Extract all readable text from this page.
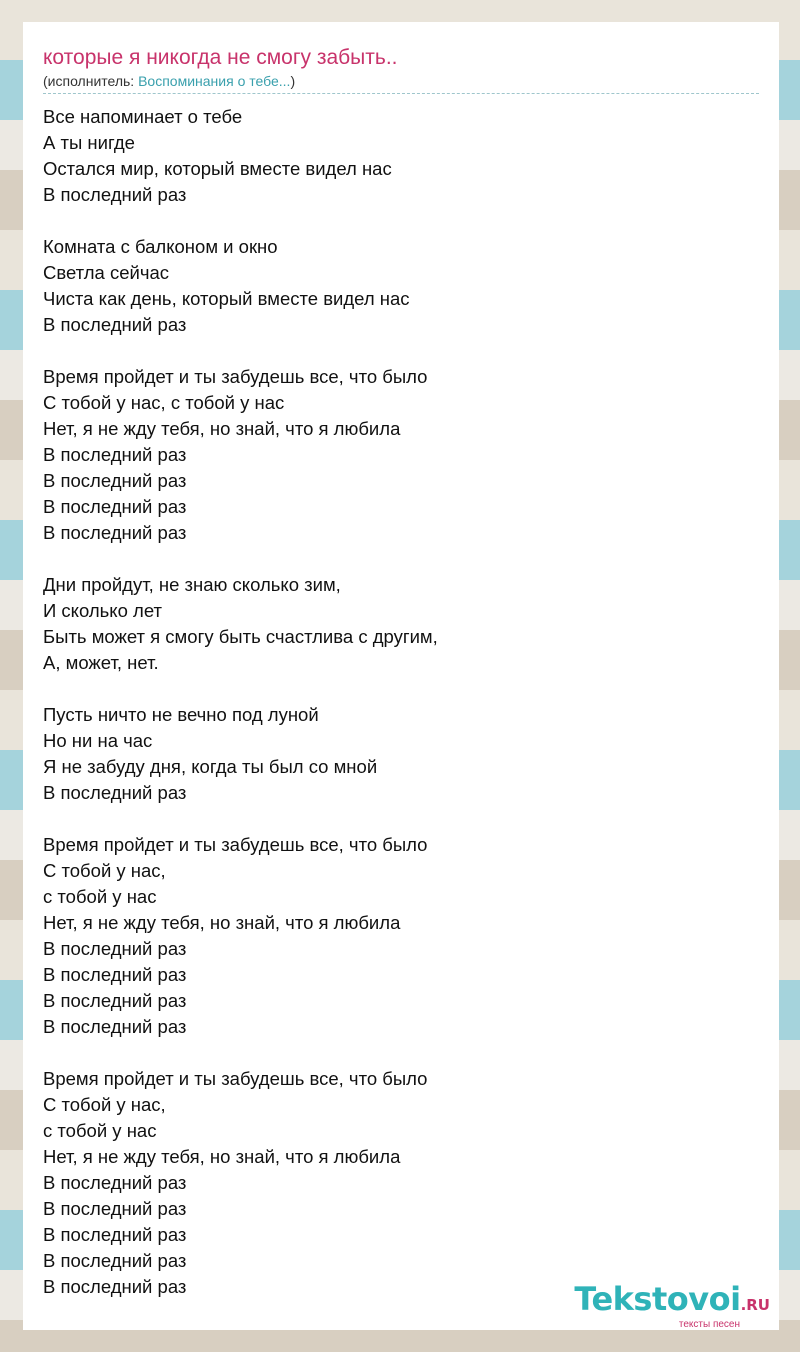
которые я никогда не смогу забыть..
(исполнитель: Воспоминания о тебе...)
Все напоминает о тебе
А ты нигде
Остался мир, который вместе видел нас
В последний раз
Комната с балконом и окно
Светла сейчас
Чиста как день, который вместе видел нас
В последний раз
Время пройдет и ты забудешь все, что было
С тобой у нас, с тобой у нас
Нет, я не жду тебя, но знай, что я любила
В последний раз
В последний раз
В последний раз
В последний раз
Дни пройдут, не знаю сколько зим,
И сколько лет
Быть может я смогу быть счастлива с другим,
А, может, нет.
Пусть ничто не вечно под луной
Но ни на час
Я не забуду дня, когда ты был со мной
В последний раз
Время пройдет и ты забудешь все, что было
С тобой у нас,
с тобой у нас
Нет, я не жду тебя, но знай, что я любила
В последний раз
В последний раз
В последний раз
В последний раз
Время пройдет и ты забудешь все, что было
С тобой у нас,
с тобой у нас
Нет, я не жду тебя, но знай, что я любила
В последний раз
В последний раз
В последний раз
В последний раз
В последний раз	Tekstovoi.RU
тексты песен
